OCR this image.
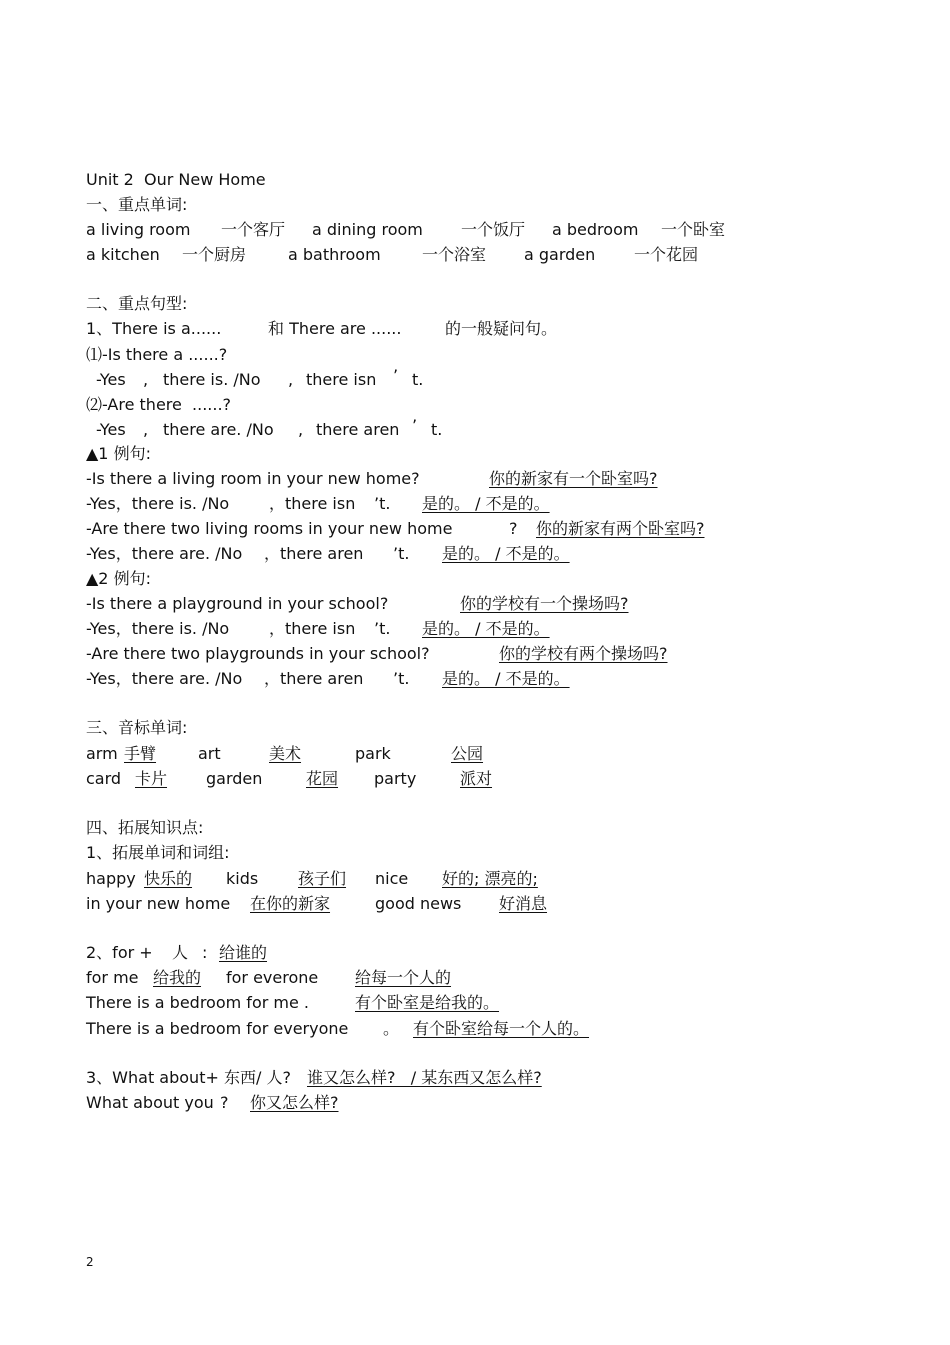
Unit 2  Our New Home
一、重点单词:
a living room 一个客厅 a dining room 一个饭厅 a bedroom 一个卧室
a kitchen 一个厨房	a bathroom	一个浴室 a garden 一个花园
二、重点句型:
1、There is a......	和 There are ......	的一般疑问句。
⑴-Is there a ......?
-Yes , there is. /No , there isn ’ t.
⑵-Are there  ......?
-Yes , there are. /No , there aren ’ t.
▲1 例句:
-Is there a living room in your new home?	你的新家有一个卧室吗?
-Yes，there is. /No ，there isn ’t. 是的。 / 不是的。
-Are there two living rooms in your new home	? 你的新家有两个卧室吗?
-Yes，there are. /No ，there aren ’t. 是的。 / 不是的。
▲2 例句:
-Is there a playground in your school?	你的学校有一个操场吗?
-Yes，there is. /No ，there isn ’t. 是的。 / 不是的。
-Are there two playgrounds in your school?	你的学校有两个操场吗?
-Yes，there are. /No ，there aren ’t. 是的。 / 不是的。
三、音标单词:
arm 手臂	art	美术	park	公园
card 卡片 garden	花园 party	派对
四、拓展知识点:
1、拓展单词和词组:
happy 快乐的 kids 孩子们 nice 好的; 漂亮的;
in your new home 在你的新家	good news 好消息
2、for + 人 : 给谁的
for me 给我的 for everone 给每一个人的
There is a bedroom for me .	有个卧室是给我的。
There is a bedroom for everyone 。 有个卧室给每一个人的。
3、What about+ 东西/ 人? 谁又怎么样?   / 某东西又怎么样?
What about you ? 你又怎么样?
2
